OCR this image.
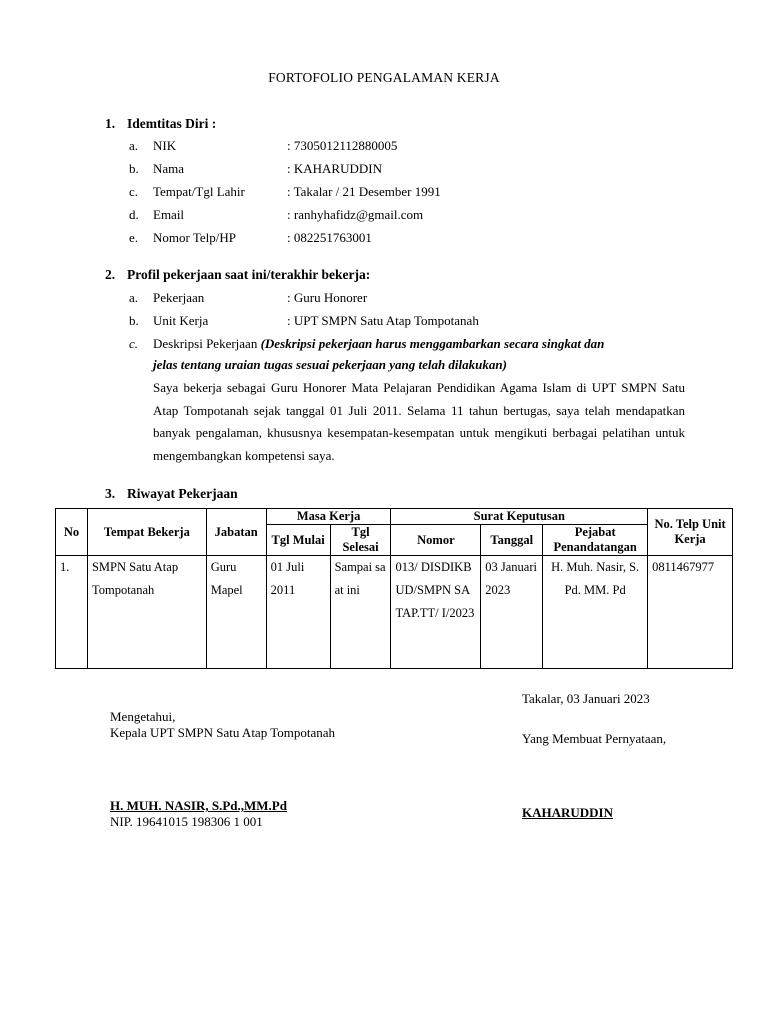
FORTOFOLIO PENGALAMAN KERJA
1. Idemtitas Diri :
a. NIK	: 7305012112880005
b. Nama	: KAHARUDDIN
c. Tempat/Tgl Lahir	: Takalar / 21 Desember 1991
d. Email	: ranhyhafidz@gmail.com
e. Nomor Telp/HP	: 082251763001
2. Profil pekerjaan saat ini/terakhir bekerja:
a. Pekerjaan	: Guru Honorer
b. Unit Kerja	: UPT SMPN Satu Atap Tompotanah
c. Deskripsi Pekerjaan (Deskripsi pekerjaan harus menggambarkan secara singkat dan
jelas tentang uraian tugas sesuai pekerjaan yang telah dilakukan)
Saya bekerja sebagai Guru Honorer Mata Pelajaran Pendidikan Agama Islam di UPT SMPN Satu Atap Tompotanah sejak tanggal 01 Juli 2011. Selama 11 tahun bertugas, saya telah mendapatkan banyak pengalaman, khususnya kesempatan-kesempatan untuk mengikuti berbagai pelatihan untuk mengembangkan kompetensi saya.
3. Riwayat Pekerjaan
No	Tempat Bekerja	Jabatan	Masa Kerja		Surat Keputusan			No. Telp Unit Kerja
			Tgl Mulai	Tgl Selesai	Nomor	Tanggal	Pejabat Penandatangan	
1.	SMPN Satu Atap Tompotanah	Guru Mapel	01 Juli 2011	Sampai saat ini	013/ DISDIKBUD/SMPN SATAP.TT/ I/2023	03 Januari 2023	H. Muh. Nasir, S. Pd. MM. Pd	0811467977
Takalar, 03 Januari 2023
Mengetahui,
Kepala UPT SMPN Satu Atap Tompotanah	Yang Membuat Pernyataan,
H. MUH. NASIR, S.Pd.,MM.Pd
NIP. 19641015 198306 1 001
KAHARUDDIN
